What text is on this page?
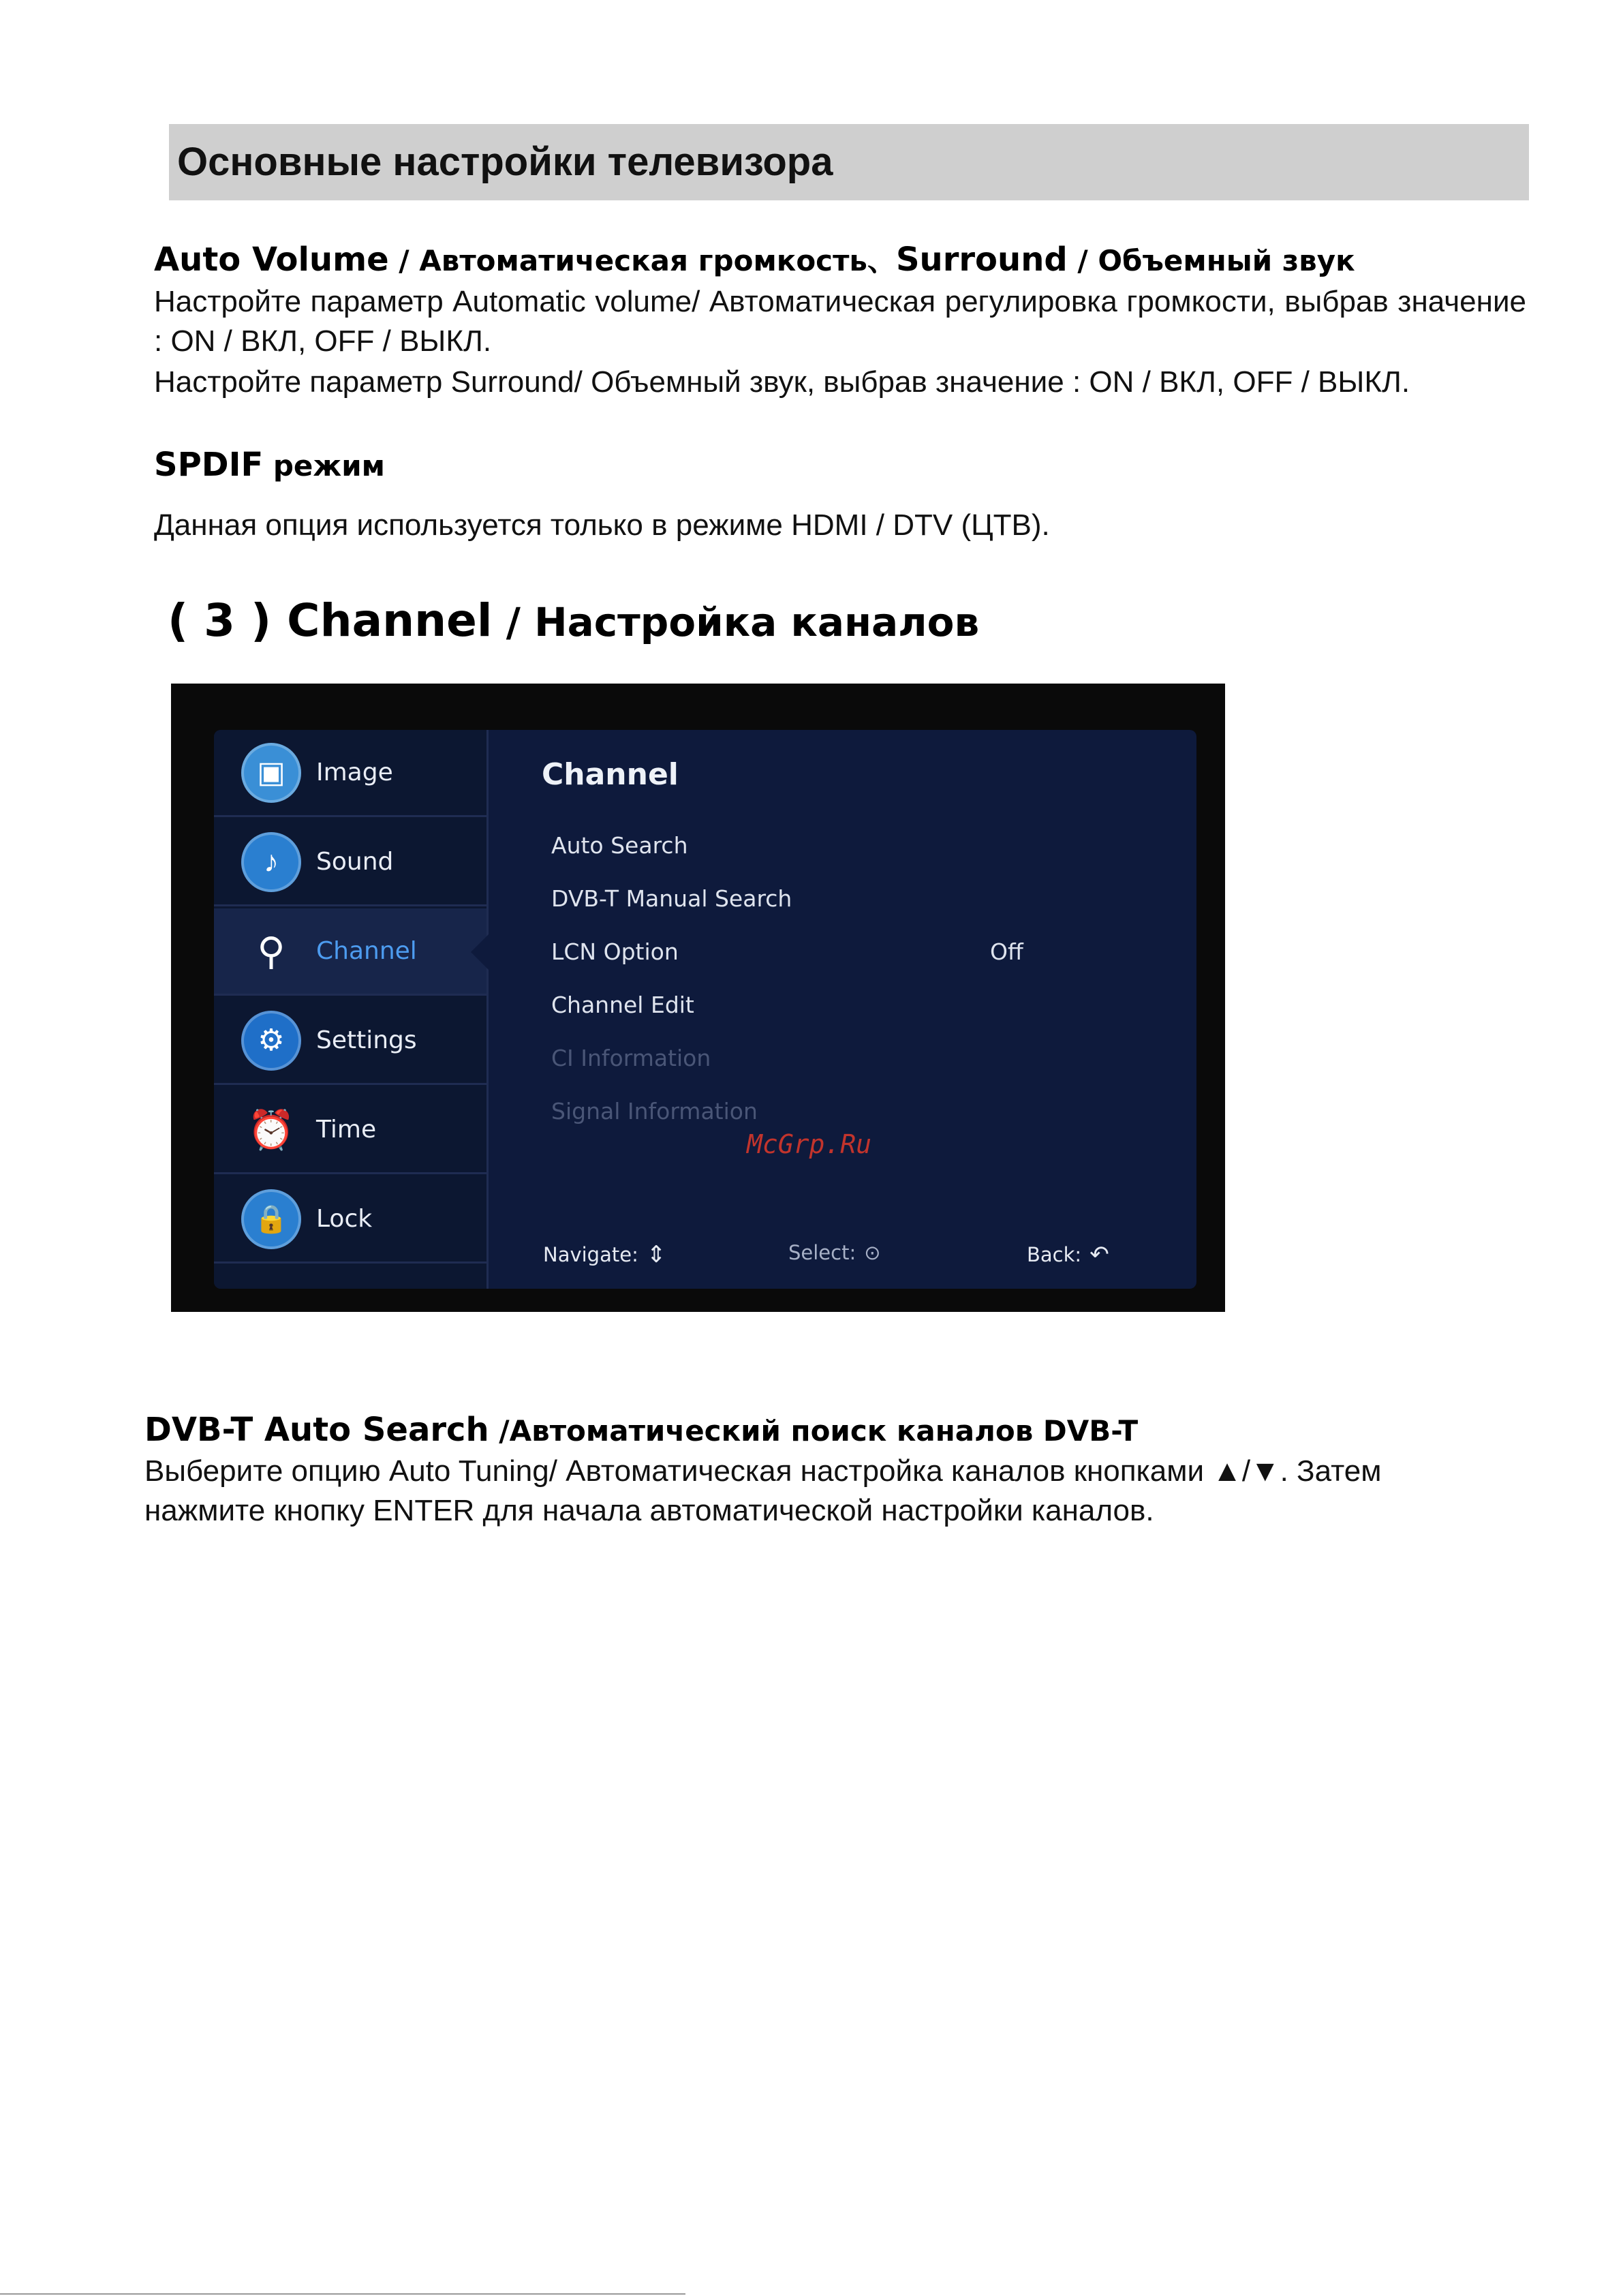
Основные настройки телевизора
Auto Volume / Автоматическая громкость、Surround / Объемный звук

Настройте параметр Automatic volume/ Автоматическая регулировка громкости, выбрав значение : ON / ВКЛ, OFF / ВЫКЛ.

Настройте параметр Surround/ Объемный звук, выбрав значение : ON / ВКЛ, OFF / ВЫКЛ.

SPDIF режим

Данная опция используется только в режиме HDMI / DTV (ЦТВ).

( 3 ) Channel / Настройка каналов
▣	Image
♪	Sound
⚲	Channel
⚙	Settings
⏰ Time
🔒	Lock
Channel
Auto Search
DVB-T Manual Search
LCN Option	Off
Channel Edit
CI Information
Signal Information
Navigate: ⇕	Select: ⊙	Back: ↶
McGrp.Ru
DVB-T Auto Search /Автоматический поиск каналов DVB-T

Выберите опцию Auto Tuning/ Автоматическая настройка каналов кнопками ▲/▼. Затем

нажмите кнопку ENTER для начала автоматической настройки каналов.
